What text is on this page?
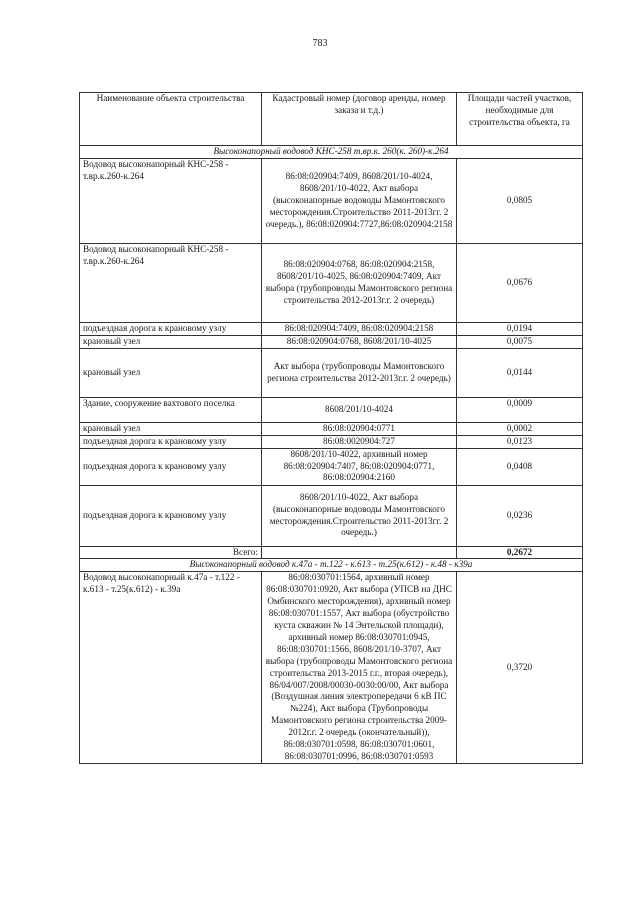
783
Наименование объекта строительства	Кадастровый номер (договор аренды, номер заказа и т.д.)	Площади частей участков, необходимые для строительства объекта, га
Высоконапорный водовод КНС-258 т.вр.к. 260(к. 260)-к.264		
Водовод высоконапорный КНС-258 - т.вр.к.260-к.264	86:08:020904:7409, 8608/201/10-4024, 8608/201/10-4022, Акт выбора (высоконапорные водоводы Мамонтовского месторождения.Строительство 2011-2013гг. 2 очередь.), 86:08:020904:7727,86:08:020904:2158	0,0805
Водовод высоконапорный КНС-258 - т.вр.к.260-к.264	86:08:020904:0768, 86:08:020904:2158, 8608/201/10-4025, 86:08:020904:7409, Акт выбора (трубопроводы Мамонтовского региона строительства 2012-2013г.г. 2 очередь)	0,0676
подъездная дорога к крановому узлу	86:08:020904:7409, 86:08:020904:2158	0,0194
крановый узел	86:08:020904:0768, 8608/201/10-4025	0,0075
крановый узел	Акт выбора (трубопроводы Мамонтовского региона строительства 2012-2013г.г. 2 очередь)	0,0144
Здание, сооружение вахтового поселка	8608/201/10-4024	0,0009
крановый узел	86:08:020904:0771	0,0002
подъездная дорога к крановому узлу	86:08:0020904:727	0,0123
подъездная дорога к крановому узлу	8608/201/10-4022, архивный номер 86:08:020904:7407, 86:08:020904:0771, 86:08:020904:2160	0,0408
подъездная дорога к крановому узлу	8608/201/10-4022, Акт выбора (высоконапорные водоводы Мамонтовского месторождения.Строительство 2011-2013гг. 2 очередь.)	0,0236
Всего:		0,2672
Высоконапорный водовод к.47а - т.122 - к.613 - т.25(к.612) - к.48 - к39а		
Водовод высоконапорный к.47а - т.122 - к.613 - т.25(к.612) - к.39а	86:08:030701:1564, архивный номер 86:08:030701:0920, Акт выбора (УПСВ на ДНС Омбинского месторождения), архивный номер 86:08:030701:1557, Акт выбора (обустройство куста скважин № 14 Энтельской площади), архивный номер 86:08:030701:0945, 86:08:030701:1566, 8608/201/10-3707, Акт выбора (трубопроводы Мамонтовского региона строительства 2013-2015 г.г., вторая очередь), 86/04/007/2008/00030-0030:00/00, Акт выбора (Воздушная линия электропередачи 6 кВ ПС №224), Акт выбора (Трубопроводы Мамонтовского региона строительства 2009-2012г.г. 2 очередь (окончательный)), 86:08:030701:0598, 86:08:030701:0601, 86:08:030701:0996, 86:08:030701:0593	0,3720
